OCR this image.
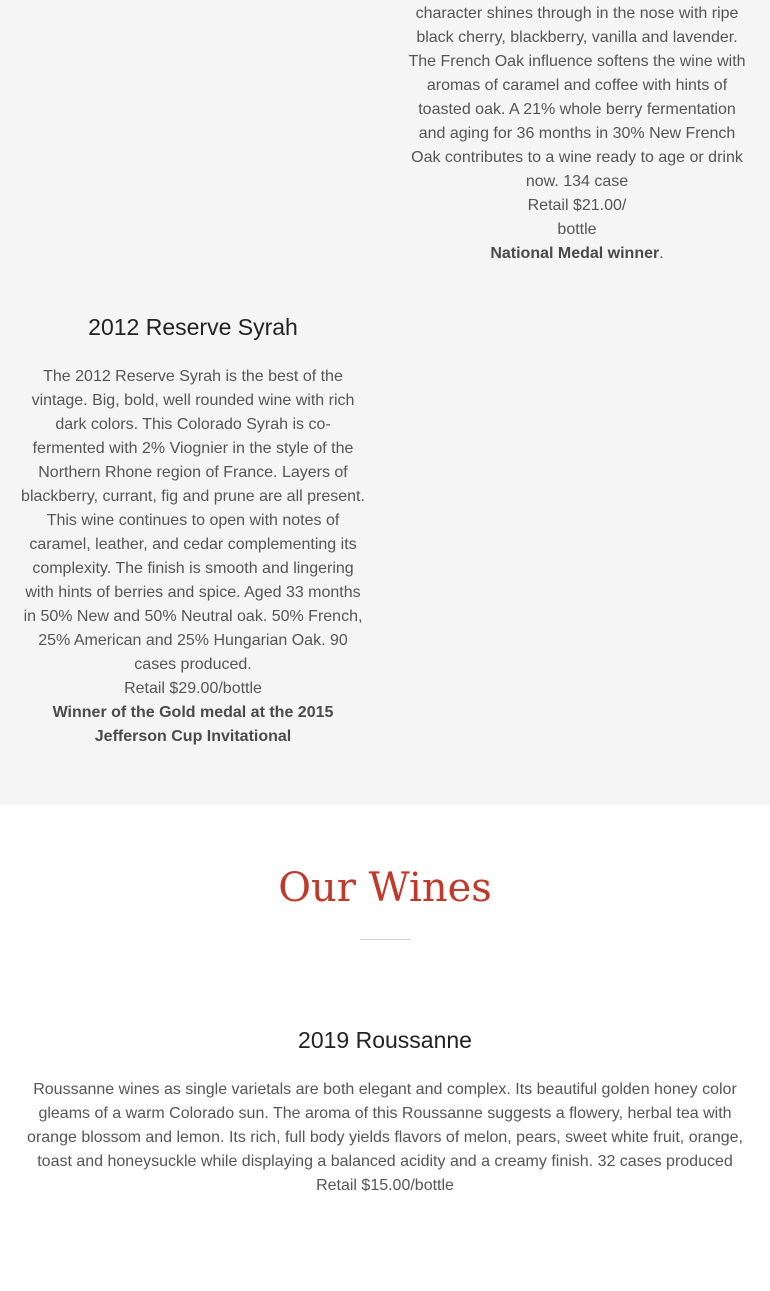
character shines through in the nose with ripe black cherry, blackberry, vanilla and lavender. The French Oak influence softens the wine with aromas of caramel and coffee with hints of toasted oak. A 21% whole berry fermentation and aging for 36 months in 30% New French Oak contributes to a wine ready to age or drink now. 134 case

Retail $21.00/

bottle

National Medal winner.

2012 Reserve Syrah

The 2012 Reserve Syrah is the best of the vintage. Big, bold, well rounded wine with rich dark colors. This Colorado Syrah is co-fermented with 2% Viognier in the style of the Northern Rhone region of France. Layers of blackberry, currant, fig and prune are all present. This wine continues to open with notes of caramel, leather, and cedar complementing its complexity. The finish is smooth and lingering with hints of berries and spice. Aged 33 months in 50% New and 50% Neutral oak. 50% French, 25% American and 25% Hungarian Oak. 90 cases produced.

Retail $29.00/bottle

Winner of the Gold medal at the 2015 Jefferson Cup Invitational

Our Wines
2019 Roussanne

Roussanne wines as single varietals are both elegant and complex. Its beautiful golden honey color gleams of a warm Colorado sun. The aroma of this Roussanne suggests a flowery, herbal tea with orange blossom and lemon. Its rich, full body yields flavors of melon, pears, sweet white fruit, orange, toast and honeysuckle while displaying a balanced acidity and a creamy finish. 32 cases produced

Retail $15.00/bottle
